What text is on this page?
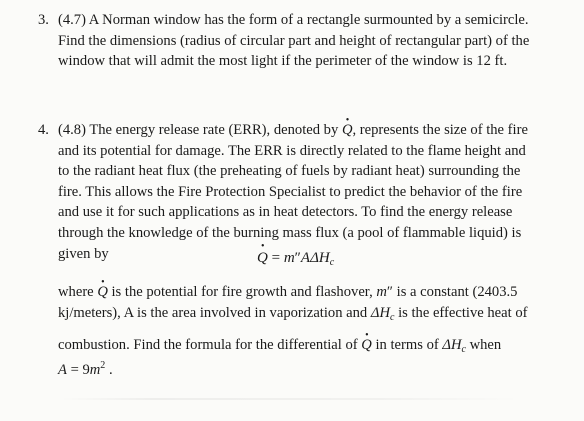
3. (4.7) A Norman window has the form of a rectangle surmounted by a semicircle.
Find the dimensions (radius of circular part and height of rectangular part) of the
window that will admit the most light if the perimeter of the window is 12 ft.
4. (4.8) The energy release rate (ERR), denoted by • Q, represents the size of the fire
and its potential for damage. The ERR is directly related to the flame height and
to the radiant heat flux (the preheating of fuels by radiant heat) surrounding the
fire. This allows the Fire Protection Specialist to predict the behavior of the fire
and use it for such applications as in heat detectors. To find the energy release
through the knowledge of the burning mass flux (a pool of flammable liquid) is
given by
•	$Q = m''A\Delta H_c$
where • Q is the potential for fire growth and flashover, m″ is a constant (2403.5
kj/meters), A is the area involved in vaporization and $\Delta H_c$ is the effective heat of
combustion. Find the formula for the differential of • Q in terms of $\Delta H_c$ when
$A = 9m^2$ .
